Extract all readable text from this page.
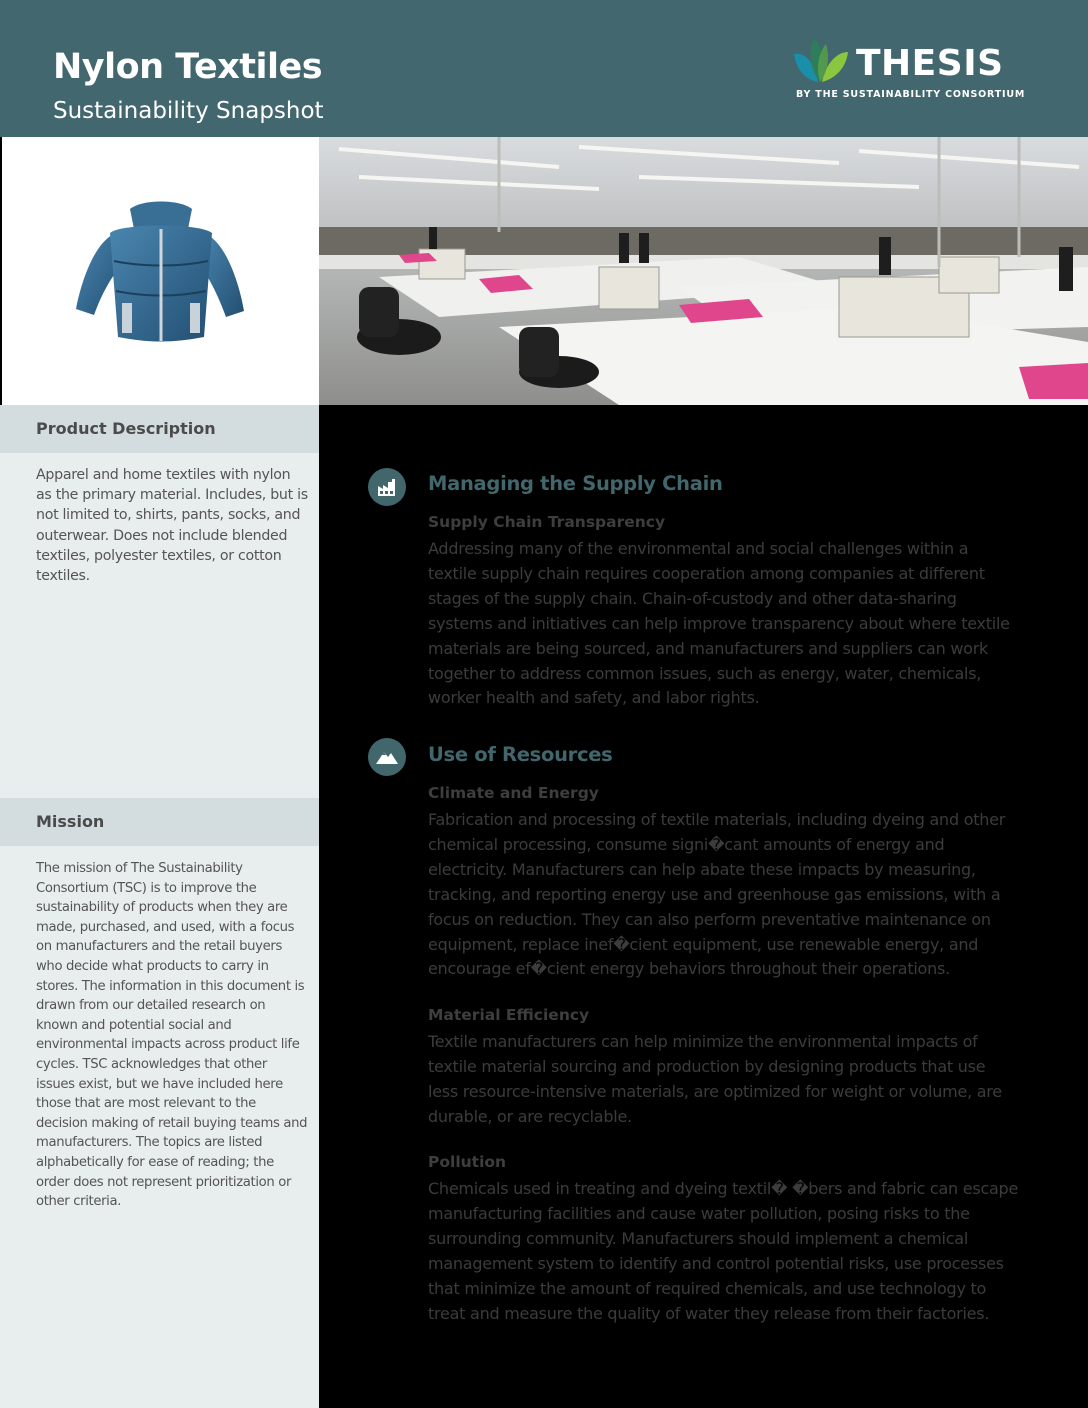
Nylon Textiles

Sustainability Snapshot

THESIS
BY THE SUSTAINABILITY CONSORTIUM
Product Description

Apparel and home textiles with nylon as the primary material. Includes, but is not limited to, shirts, pants, socks, and outerwear. Does not include blended textiles, polyester textiles, or cotton textiles.

Mission

The mission of The Sustainability Consortium (TSC) is to improve the sustainability of products when they are made, purchased, and used, with a focus on manufacturers and the retail buyers who decide what products to carry in stores. The information in this document is drawn from our detailed research on known and potential social and environmental impacts across product life cycles. TSC acknowledges that other issues exist, but we have included here those that are most relevant to the decision making of retail buying teams and manufacturers. The topics are listed alphabetically for ease of reading; the order does not represent prioritization or other criteria.

Managing the Supply Chain
Supply Chain Transparency

Addressing many of the environmental and social challenges within a textile supply chain requires cooperation among companies at different stages of the supply chain. Chain-of-custody and other data-sharing systems and initiatives can help improve transparency about where textile materials are being sourced, and manufacturers and suppliers can work together to address common issues, such as energy, water, chemicals, worker health and safety, and labor rights.

Use of Resources
Climate and Energy

Fabrication and processing of textile materials, including dyeing and other chemical processing, consume signi�cant amounts of energy and electricity. Manufacturers can help abate these impacts by measuring, tracking, and reporting energy use and greenhouse gas emissions, with a focus on reduction. They can also perform preventative maintenance on equipment, replace inef�cient equipment, use renewable energy, and encourage ef�cient energy behaviors throughout their operations.

Material Efficiency

Textile manufacturers can help minimize the environmental impacts of textile material sourcing and production by designing products that use less resource-intensive materials, are optimized for weight or volume, are durable, or are recyclable.

Pollution

Chemicals used in treating and dyeing textil� �bers and fabric can escape manufacturing facilities and cause water pollution, posing risks to the surrounding community. Manufacturers should implement a chemical management system to identify and control potential risks, use processes that minimize the amount of required chemicals, and use technology to treat and measure the quality of water they release from their factories.
